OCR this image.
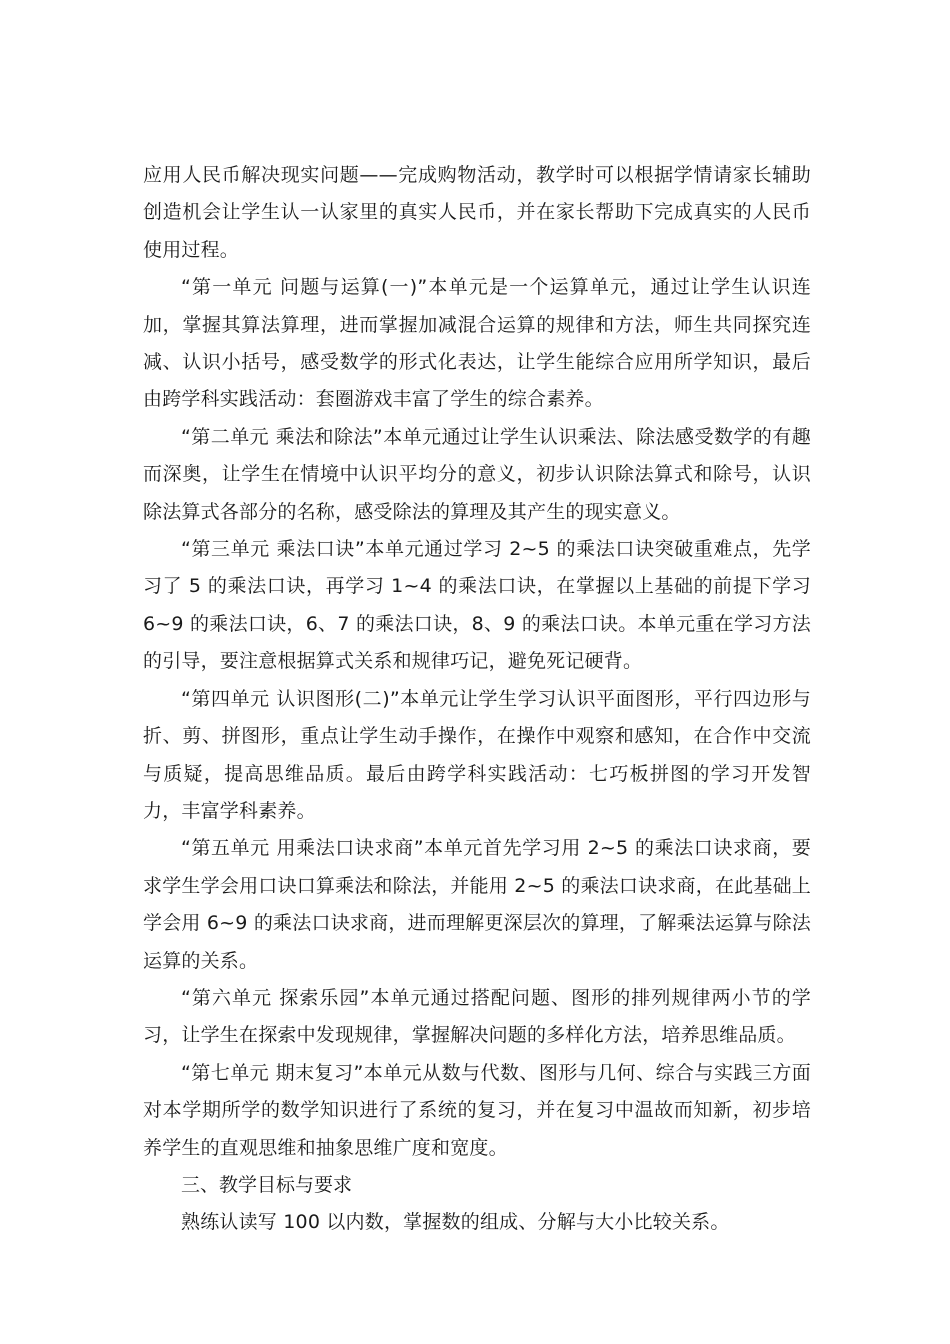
应用人民币解决现实问题——完成购物活动，教学时可以根据学情请家长辅助创造机会让学生认一认家里的真实人民币，并在家长帮助下完成真实的人民币使用过程。

“第一单元 问题与运算(一)”本单元是一个运算单元，通过让学生认识连加，掌握其算法算理，进而掌握加减混合运算的规律和方法，师生共同探究连减、认识小括号，感受数学的形式化表达，让学生能综合应用所学知识，最后由跨学科实践活动：套圈游戏丰富了学生的综合素养。

“第二单元 乘法和除法”本单元通过让学生认识乘法、除法感受数学的有趣而深奥，让学生在情境中认识平均分的意义，初步认识除法算式和除号，认识除法算式各部分的名称，感受除法的算理及其产生的现实意义。

“第三单元 乘法口诀”本单元通过学习 2~5 的乘法口诀突破重难点，先学习了 5 的乘法口诀，再学习 1~4 的乘法口诀，在掌握以上基础的前提下学习 6~9 的乘法口诀，6、7 的乘法口诀，8、9 的乘法口诀。本单元重在学习方法的引导，要注意根据算式关系和规律巧记，避免死记硬背。

“第四单元 认识图形(二)”本单元让学生学习认识平面图形，平行四边形与折、剪、拼图形，重点让学生动手操作，在操作中观察和感知，在合作中交流与质疑，提高思维品质。最后由跨学科实践活动：七巧板拼图的学习开发智力，丰富学科素养。

“第五单元 用乘法口诀求商”本单元首先学习用 2~5 的乘法口诀求商，要求学生学会用口诀口算乘法和除法，并能用 2~5 的乘法口诀求商，在此基础上学会用 6~9 的乘法口诀求商，进而理解更深层次的算理，了解乘法运算与除法运算的关系。

“第六单元 探索乐园”本单元通过搭配问题、图形的排列规律两小节的学习，让学生在探索中发现规律，掌握解决问题的多样化方法，培养思维品质。

“第七单元 期末复习”本单元从数与代数、图形与几何、综合与实践三方面对本学期所学的数学知识进行了系统的复习，并在复习中温故而知新，初步培养学生的直观思维和抽象思维广度和宽度。

三、教学目标与要求

熟练认读写 100 以内数，掌握数的组成、分解与大小比较关系。
